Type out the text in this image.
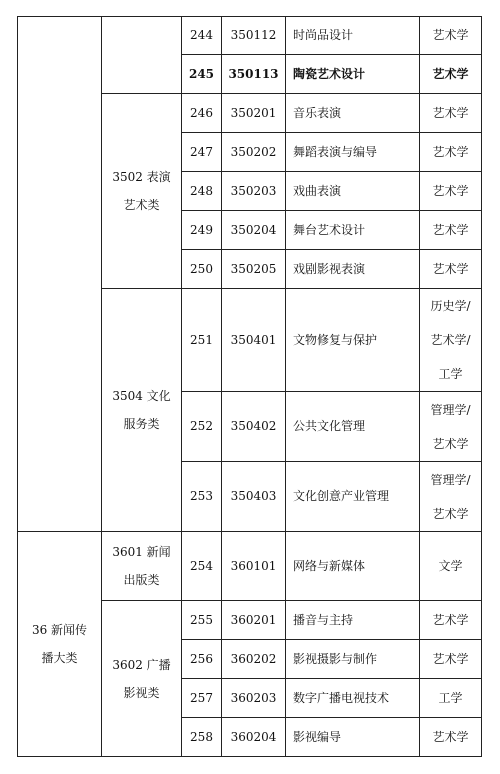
		244	350112	时尚品设计	艺术学

		245	350113	陶瓷艺术设计	艺术学

	3502 表演艺术类	246	350201	音乐表演	艺术学

		247	350202	舞蹈表演与编导	艺术学

		248	350203	戏曲表演	艺术学

		249	350204	舞台艺术设计	艺术学

		250	350205	戏剧影视表演	艺术学

	3504 文化服务类	251	350401	文物修复与保护	历史学/
艺术学/
工学

		252	350402	公共文化管理	管理学/
艺术学

		253	350403	文化创意产业管理	管理学/
艺术学

36 新闻传播大类	3601 新闻出版类	254	360101	网络与新媒体	文学

	3602 广播影视类	255	360201	播音与主持	艺术学

		256	360202	影视摄影与制作	艺术学

		257	360203	数字广播电视技术	工学

		258	360204	影视编导	艺术学
